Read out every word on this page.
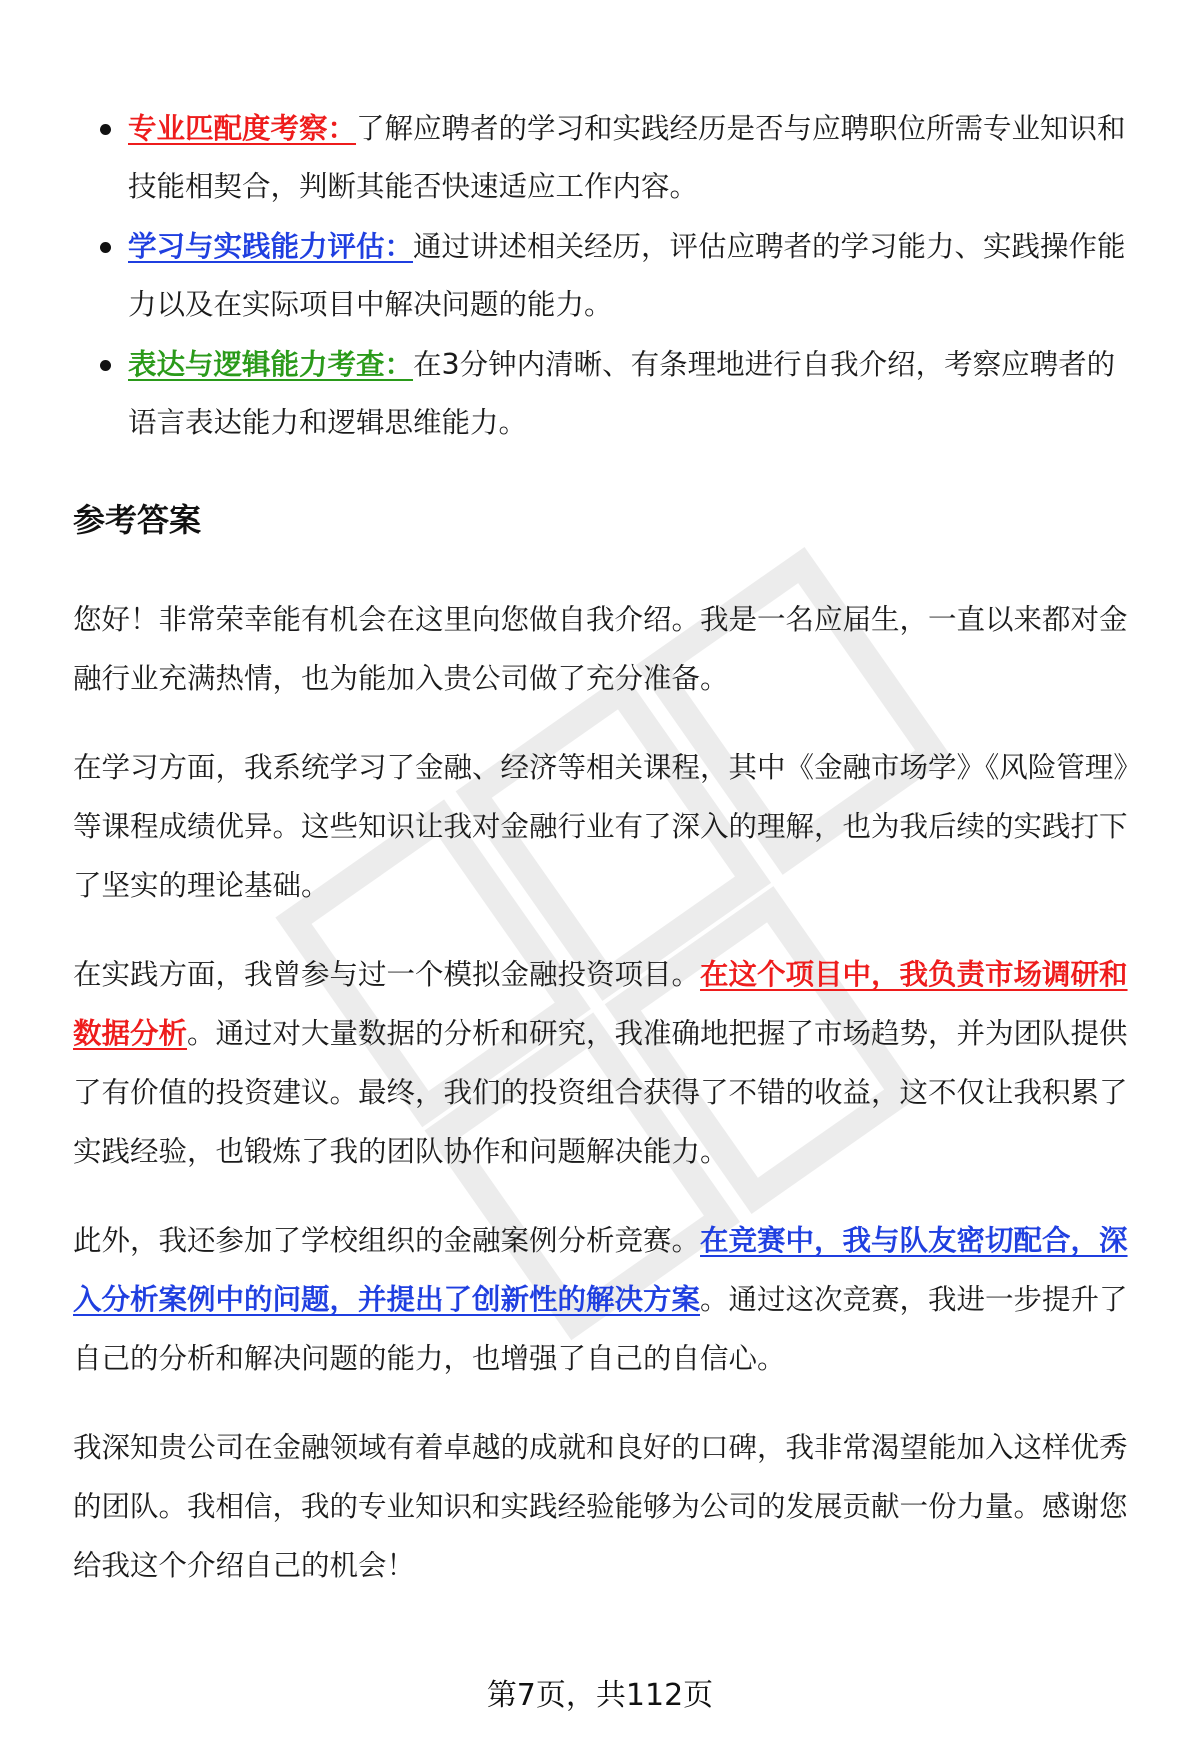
专业匹配度考察：了解应聘者的学习和实践经历是否与应聘职位所需专业知识和技能相契合，判断其能否快速适应工作内容。
学习与实践能力评估：通过讲述相关经历，评估应聘者的学习能力、实践操作能力以及在实际项目中解决问题的能力。
表达与逻辑能力考查：在3分钟内清晰、有条理地进行自我介绍，考察应聘者的语言表达能力和逻辑思维能力。
参考答案

您好！非常荣幸能有机会在这里向您做自我介绍。我是一名应届生，一直以来都对金融行业充满热情，也为能加入贵公司做了充分准备。

在学习方面，我系统学习了金融、经济等相关课程，其中《金融市场学》《风险管理》等课程成绩优异。这些知识让我对金融行业有了深入的理解，也为我后续的实践打下了坚实的理论基础。

在实践方面，我曾参与过一个模拟金融投资项目。在这个项目中，我负责市场调研和数据分析。通过对大量数据的分析和研究，我准确地把握了市场趋势，并为团队提供了有价值的投资建议。最终，我们的投资组合获得了不错的收益，这不仅让我积累了实践经验，也锻炼了我的团队协作和问题解决能力。

此外，我还参加了学校组织的金融案例分析竞赛。在竞赛中，我与队友密切配合，深入分析案例中的问题，并提出了创新性的解决方案。通过这次竞赛，我进一步提升了自己的分析和解决问题的能力，也增强了自己的自信心。

我深知贵公司在金融领域有着卓越的成就和良好的口碑，我非常渴望能加入这样优秀的团队。我相信，我的专业知识和实践经验能够为公司的发展贡献一份力量。感谢您给我这个介绍自己的机会！

第7页，共112页
